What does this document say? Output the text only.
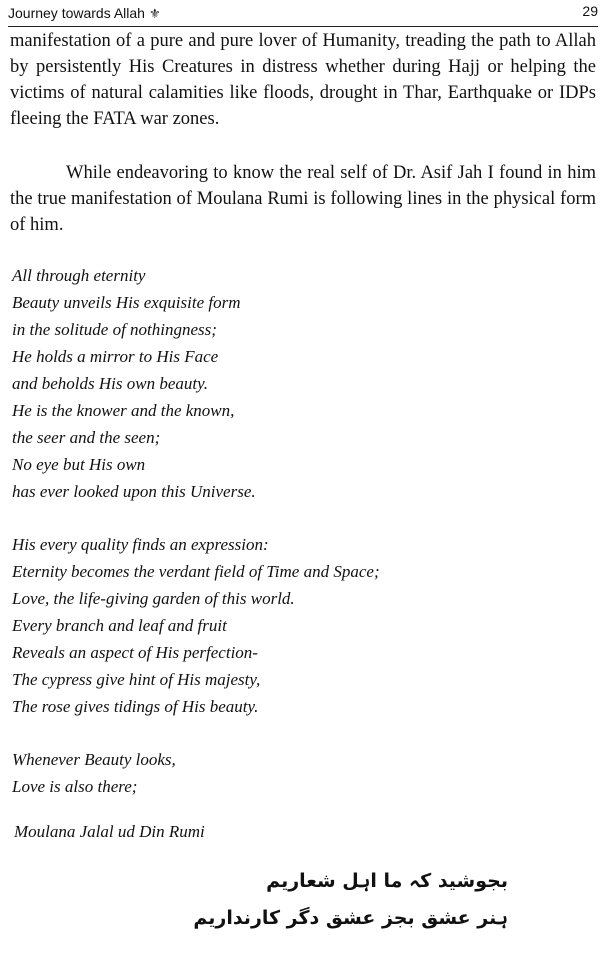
Journey towards Allah ⚜	29

manifestation of a pure and pure lover of Humanity, treading the path to Allah by persistently His Creatures in distress whether during Hajj or helping the victims of natural calamities like floods, drought in Thar, Earthquake or IDPs fleeing the FATA war zones.

While endeavoring to know the real self of Dr. Asif Jah I found in him the true manifestation of Moulana Rumi is following lines in the physical form of him.

All through eternity
Beauty unveils His exquisite form
in the solitude of nothingness;
He holds a mirror to His Face
and beholds His own beauty.
He is the knower and the known,
the seer and the seen;
No eye but His own
has ever looked upon this Universe.
His every quality finds an expression:
Eternity becomes the verdant field of Time and Space;
Love, the life-giving garden of this world.
Every branch and leaf and fruit
Reveals an aspect of His perfection-
The cypress give hint of His majesty,
The rose gives tidings of His beauty.
Whenever Beauty looks,
Love is also there;

Moulana Jalal ud Din Rumi

بجوشید کہ ما اہل شعاریم
ہنر عشق بجز عشق دگر کارنداریم
